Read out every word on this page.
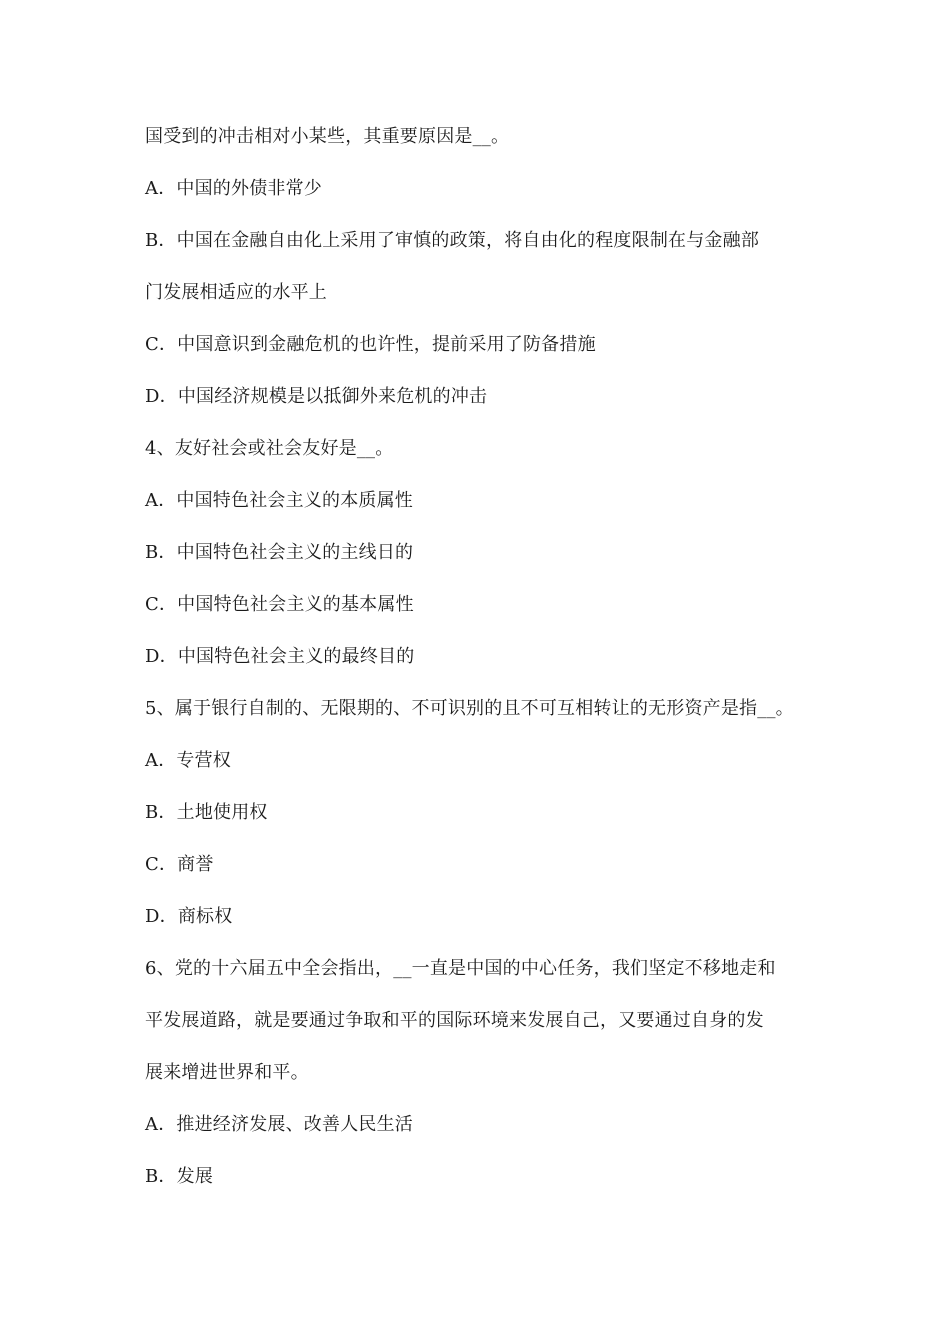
国受到的冲击相对小某些，其重要原因是__。
A．中国的外债非常少
B．中国在金融自由化上采用了审慎的政策，将自由化的程度限制在与金融部
门发展相适应的水平上
C．中国意识到金融危机的也许性，提前采用了防备措施
D．中国经济规模是以抵御外来危机的冲击
4、友好社会或社会友好是__。
A．中国特色社会主义的本质属性
B．中国特色社会主义的主线日的
C．中国特色社会主义的基本属性
D．中国特色社会主义的最终目的
5、属于银行自制的、无限期的、不可识别的且不可互相转让的无形资产是指__。
A．专营权
B．土地使用权
C．商誉
D．商标权
6、党的十六届五中全会指出，__一直是中国的中心任务，我们坚定不移地走和
平发展道路，就是要通过争取和平的国际环境来发展自己，又要通过自身的发
展来增进世界和平。
A．推进经济发展、改善人民生活
B．发展
